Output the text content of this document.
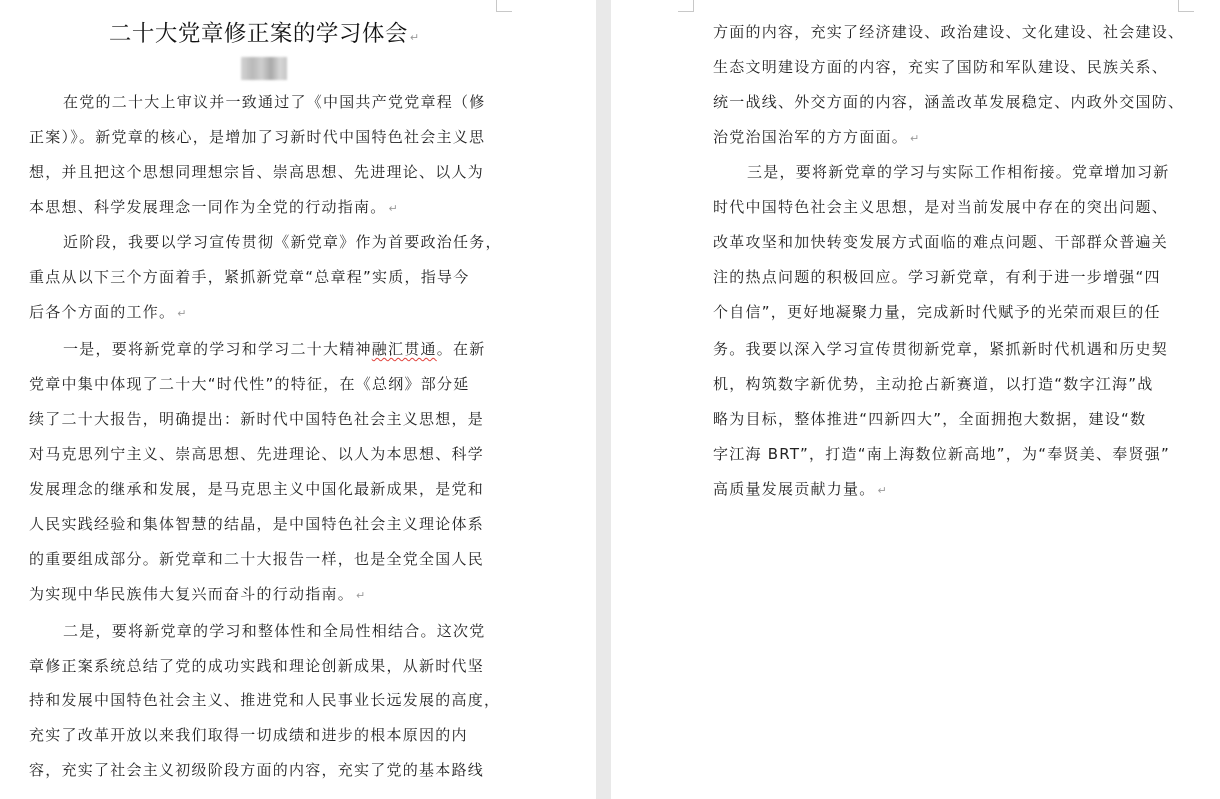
二十大党章修正案的学习体会 ↵
在党的二十大上审议并一致通过了《中国共产党党章程（修
正案）》。新党章的核心，是增加了习新时代中国特色社会主义思
想，并且把这个思想同理想宗旨、崇高思想、先进理论、以人为
本思想、科学发展理念一同作为全党的行动指南。 ↵
近阶段，我要以学习宣传贯彻《新党章》作为首要政治任务，
重点从以下三个方面着手，紧抓新党章“总章程”实质，指导今
后各个方面的工作。 ↵
一是，要将新党章的学习和学习二十大精神融汇贯通。在新
党章中集中体现了二十大“时代性”的特征，在《总纲》部分延
续了二十大报告，明确提出：新时代中国特色社会主义思想，是
对马克思列宁主义、崇高思想、先进理论、以人为本思想、科学
发展理念的继承和发展，是马克思主义中国化最新成果，是党和
人民实践经验和集体智慧的结晶，是中国特色社会主义理论体系
的重要组成部分。新党章和二十大报告一样，也是全党全国人民
为实现中华民族伟大复兴而奋斗的行动指南。 ↵
二是，要将新党章的学习和整体性和全局性相结合。这次党
章修正案系统总结了党的成功实践和理论创新成果，从新时代坚
持和发展中国特色社会主义、推进党和人民事业长远发展的高度，
充实了改革开放以来我们取得一切成绩和进步的根本原因的内
容，充实了社会主义初级阶段方面的内容，充实了党的基本路线
方面的内容，充实了经济建设、政治建设、文化建设、社会建设、
生态文明建设方面的内容，充实了国防和军队建设、民族关系、
统一战线、外交方面的内容，涵盖改革发展稳定、内政外交国防、
治党治国治军的方方面面。 ↵
三是，要将新党章的学习与实际工作相衔接。党章增加习新
时代中国特色社会主义思想，是对当前发展中存在的突出问题、
改革攻坚和加快转变发展方式面临的难点问题、干部群众普遍关
注的热点问题的积极回应。学习新党章，有利于进一步增强“四
个自信”，更好地凝聚力量，完成新时代赋予的光荣而艰巨的任
务。我要以深入学习宣传贯彻新党章，紧抓新时代机遇和历史契
机，构筑数字新优势，主动抢占新赛道，以打造“数字江海”战
略为目标，整体推进“四新四大”，全面拥抱大数据，建设“数
字江海 BRT”，打造“南上海数位新高地”，为“奉贤美、奉贤强”
高质量发展贡献力量。 ↵
